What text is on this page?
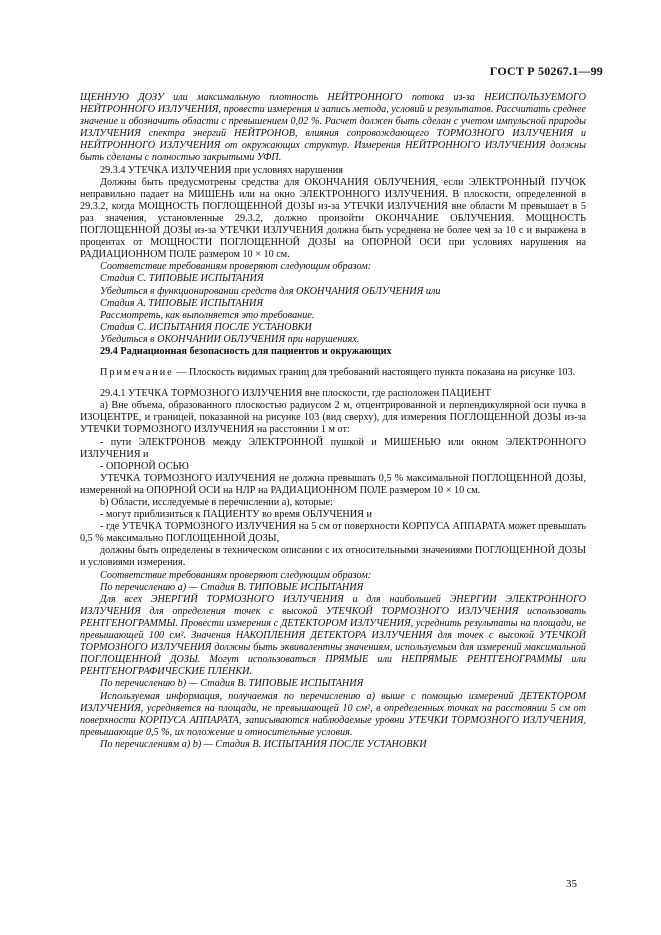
ГОСТ Р 50267.1—99

ЩЕННУЮ ДОЗУ или максимальную плотность НЕЙТРОННОГО потока из-за НЕИСПОЛЬЗУЕМОГО НЕЙТРОННОГО ИЗЛУЧЕНИЯ, провести измерения и запись метода, условий и результатов. Рассчитать среднее значение и обозначить области с превышением 0,02 %. Расчет должен быть сделан с учетом импульсной природы ИЗЛУЧЕНИЯ спектра энергий НЕЙТРОНОВ, влияния сопровождающего ТОРМОЗНОГО ИЗЛУЧЕНИЯ и НЕЙТРОННОГО ИЗЛУЧЕНИЯ от окружающих структур. Измерения НЕЙТРОННОГО ИЗЛУЧЕНИЯ должны быть сделаны с полностью закрытыми УФП.

29.3.4 УТЕЧКА ИЗЛУЧЕНИЯ при условиях нарушения

Должны быть предусмотрены средства для ОКОНЧАНИЯ ОБЛУЧЕНИЯ, если ЭЛЕКТРОННЫЙ ПУЧОК неправильно падает на МИШЕНЬ или на окно ЭЛЕКТРОННОГО ИЗЛУЧЕНИЯ. В плоскости, определенной в 29.3.2, когда МОЩНОСТЬ ПОГЛОЩЕННОЙ ДОЗЫ из-за УТЕЧКИ ИЗЛУЧЕНИЯ вне области M превышает в 5 раз значения, установленные 29.3.2, должно произойти ОКОНЧАНИЕ ОБЛУЧЕНИЯ. МОЩНОСТЬ ПОГЛОЩЕННОЙ ДОЗЫ из-за УТЕЧКИ ИЗЛУЧЕНИЯ должна быть усреднена не более чем за 10 с и выражена в процентах от МОЩНОСТИ ПОГЛОЩЕННОЙ ДОЗЫ на ОПОРНОЙ ОСИ при условиях нарушения на РАДИАЦИОННОМ ПОЛЕ размером 10 × 10 см.

Соответствие требованиям проверяют следующим образом:

Стадия С. ТИПОВЫЕ ИСПЫТАНИЯ

Убедиться в функционировании средств для ОКОНЧАНИЯ ОБЛУЧЕНИЯ или

Стадия А. ТИПОВЫЕ ИСПЫТАНИЯ

Рассмотреть, как выполняется это требование.

Стадия С. ИСПЫТАНИЯ ПОСЛЕ УСТАНОВКИ

Убедиться в ОКОНЧАНИИ ОБЛУЧЕНИЯ при нарушениях.

29.4 Радиационная безопасность для пациентов и окружающих

Примечание — Плоскость видимых границ для требований настоящего пункта показана на рисунке 103.

29.4.1 УТЕЧКА ТОРМОЗНОГО ИЗЛУЧЕНИЯ вне плоскости, где расположен ПАЦИЕНТ

a) Вне объема, образованного плоскостью радиусом 2 м, отцентрированной и перпендикулярной оси пучка в ИЗОЦЕНТРЕ, и границей, показанной на рисунке 103 (вид сверху), для измерения ПОГЛОЩЕННОЙ ДОЗЫ из-за УТЕЧКИ ТОРМОЗНОГО ИЗЛУЧЕНИЯ на расстоянии 1 м от:

- пути ЭЛЕКТРОНОВ между ЭЛЕКТРОННОЙ пушкой и МИШЕНЬЮ или окном ЭЛЕКТРОННОГО ИЗЛУЧЕНИЯ и

- ОПОРНОЙ ОСЬЮ

УТЕЧКА ТОРМОЗНОГО ИЗЛУЧЕНИЯ не должна превышать 0,5 % максимальной ПОГЛОЩЕННОЙ ДОЗЫ, измеренной на ОПОРНОЙ ОСИ на НЛР на РАДИАЦИОННОМ ПОЛЕ размером 10 × 10 см.

b) Области, исследуемые в перечислении а), которые:

- могут приблизиться к ПАЦИЕНТУ во время ОБЛУЧЕНИЯ и

- где УТЕЧКА ТОРМОЗНОГО ИЗЛУЧЕНИЯ на 5 см от поверхности КОРПУСА АППАРАТА может превышать 0,5 % максимально ПОГЛОЩЕННОЙ ДОЗЫ,

должны быть определены в техническом описании с их относительными значениями ПОГЛОЩЕННОЙ ДОЗЫ и условиями измерения.

Соответствие требованиям проверяют следующим образом:

По перечислению а) — Стадия В. ТИПОВЫЕ ИСПЫТАНИЯ

Для всех ЭНЕРГИЙ ТОРМОЗНОГО ИЗЛУЧЕНИЯ и для наибольшей ЭНЕРГИИ ЭЛЕКТРОННОГО ИЗЛУЧЕНИЯ для определения точек с высокой УТЕЧКОЙ ТОРМОЗНОГО ИЗЛУЧЕНИЯ использовать РЕНТГЕНОГРАММЫ. Провести измерения с ДЕТЕКТОРОМ ИЗЛУЧЕНИЯ, усреднить результаты на площади, не превышающей 100 см². Значения НАКОПЛЕНИЯ ДЕТЕКТОРА ИЗЛУЧЕНИЯ для точек с высокой УТЕЧКОЙ ТОРМОЗНОГО ИЗЛУЧЕНИЯ должны быть эквивалентны значениям, используемым для измерений максимальной ПОГЛОЩЕННОЙ ДОЗЫ. Могут использоваться ПРЯМЫЕ или НЕПРЯМЫЕ РЕНТГЕНОГРАММЫ или РЕНТГЕНОГРАФИЧЕСКИЕ ПЛЕНКИ.

По перечислению b) — Стадия В. ТИПОВЫЕ ИСПЫТАНИЯ

Используемая информация, получаемая по перечислению а) выше с помощью измерений ДЕТЕКТОРОМ ИЗЛУЧЕНИЯ, усредняется на площади, не превышающей 10 см², в определенных точках на расстоянии 5 см от поверхности КОРПУСА АППАРАТА, записываются наблюдаемые уровни УТЕЧКИ ТОРМОЗНОГО ИЗЛУЧЕНИЯ, превышающие 0,5 %, их положение и относительные условия.

По перечислениям а) b) — Стадия В. ИСПЫТАНИЯ ПОСЛЕ УСТАНОВКИ

35
